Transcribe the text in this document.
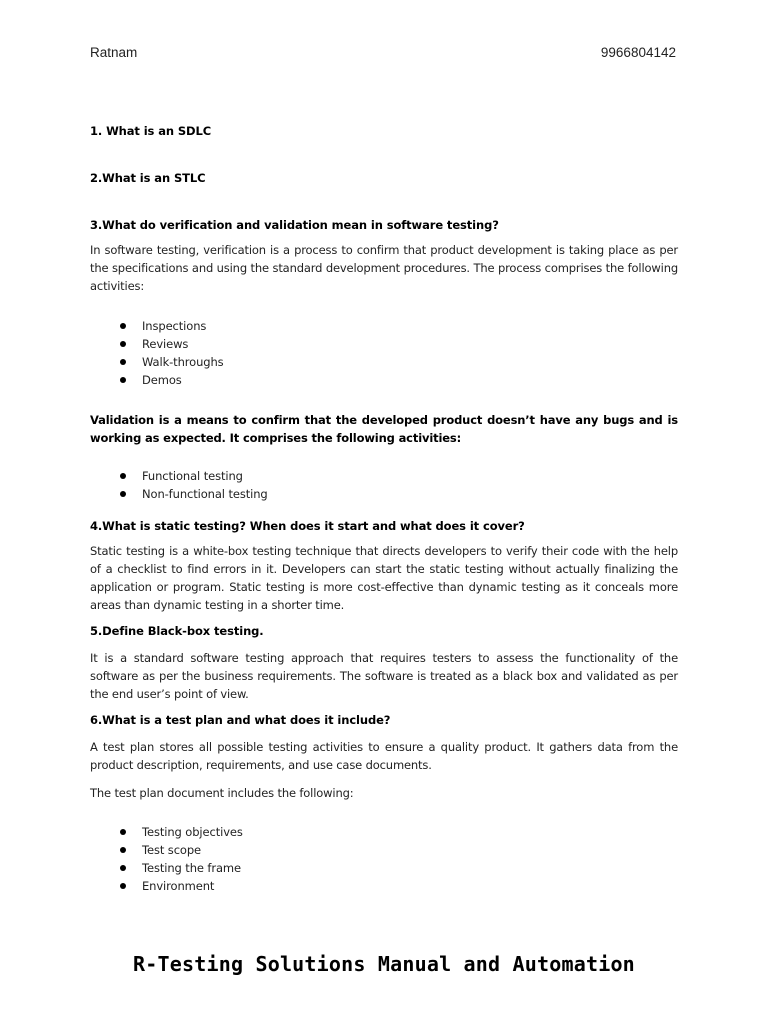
Ratnam	9966804142
1. What is an SDLC
2.What is an STLC
3.What do verification and validation mean in software testing?

In software testing, verification is a process to confirm that product development is taking place as per the specifications and using the standard development procedures. The process comprises the following activities:

Inspections
Reviews
Walk-throughs
Demos

Validation is a means to confirm that the developed product doesn’t have any bugs and is working as expected. It comprises the following activities:

Functional testing
Non-functional testing
4.What is static testing? When does it start and what does it cover?

Static testing is a white-box testing technique that directs developers to verify their code with the help of a checklist to find errors in it. Developers can start the static testing without actually finalizing the application or program. Static testing is more cost-effective than dynamic testing as it conceals more areas than dynamic testing in a shorter time.

5.Define Black-box testing.

It is a standard software testing approach that requires testers to assess the functionality of the software as per the business requirements. The software is treated as a black box and validated as per the end user’s point of view.

6.What is a test plan and what does it include?

A test plan stores all possible testing activities to ensure a quality product. It gathers data from the product description, requirements, and use case documents.

The test plan document includes the following:

Testing objectives
Test scope
Testing the frame
Environment
R-Testing Solutions Manual and Automation
